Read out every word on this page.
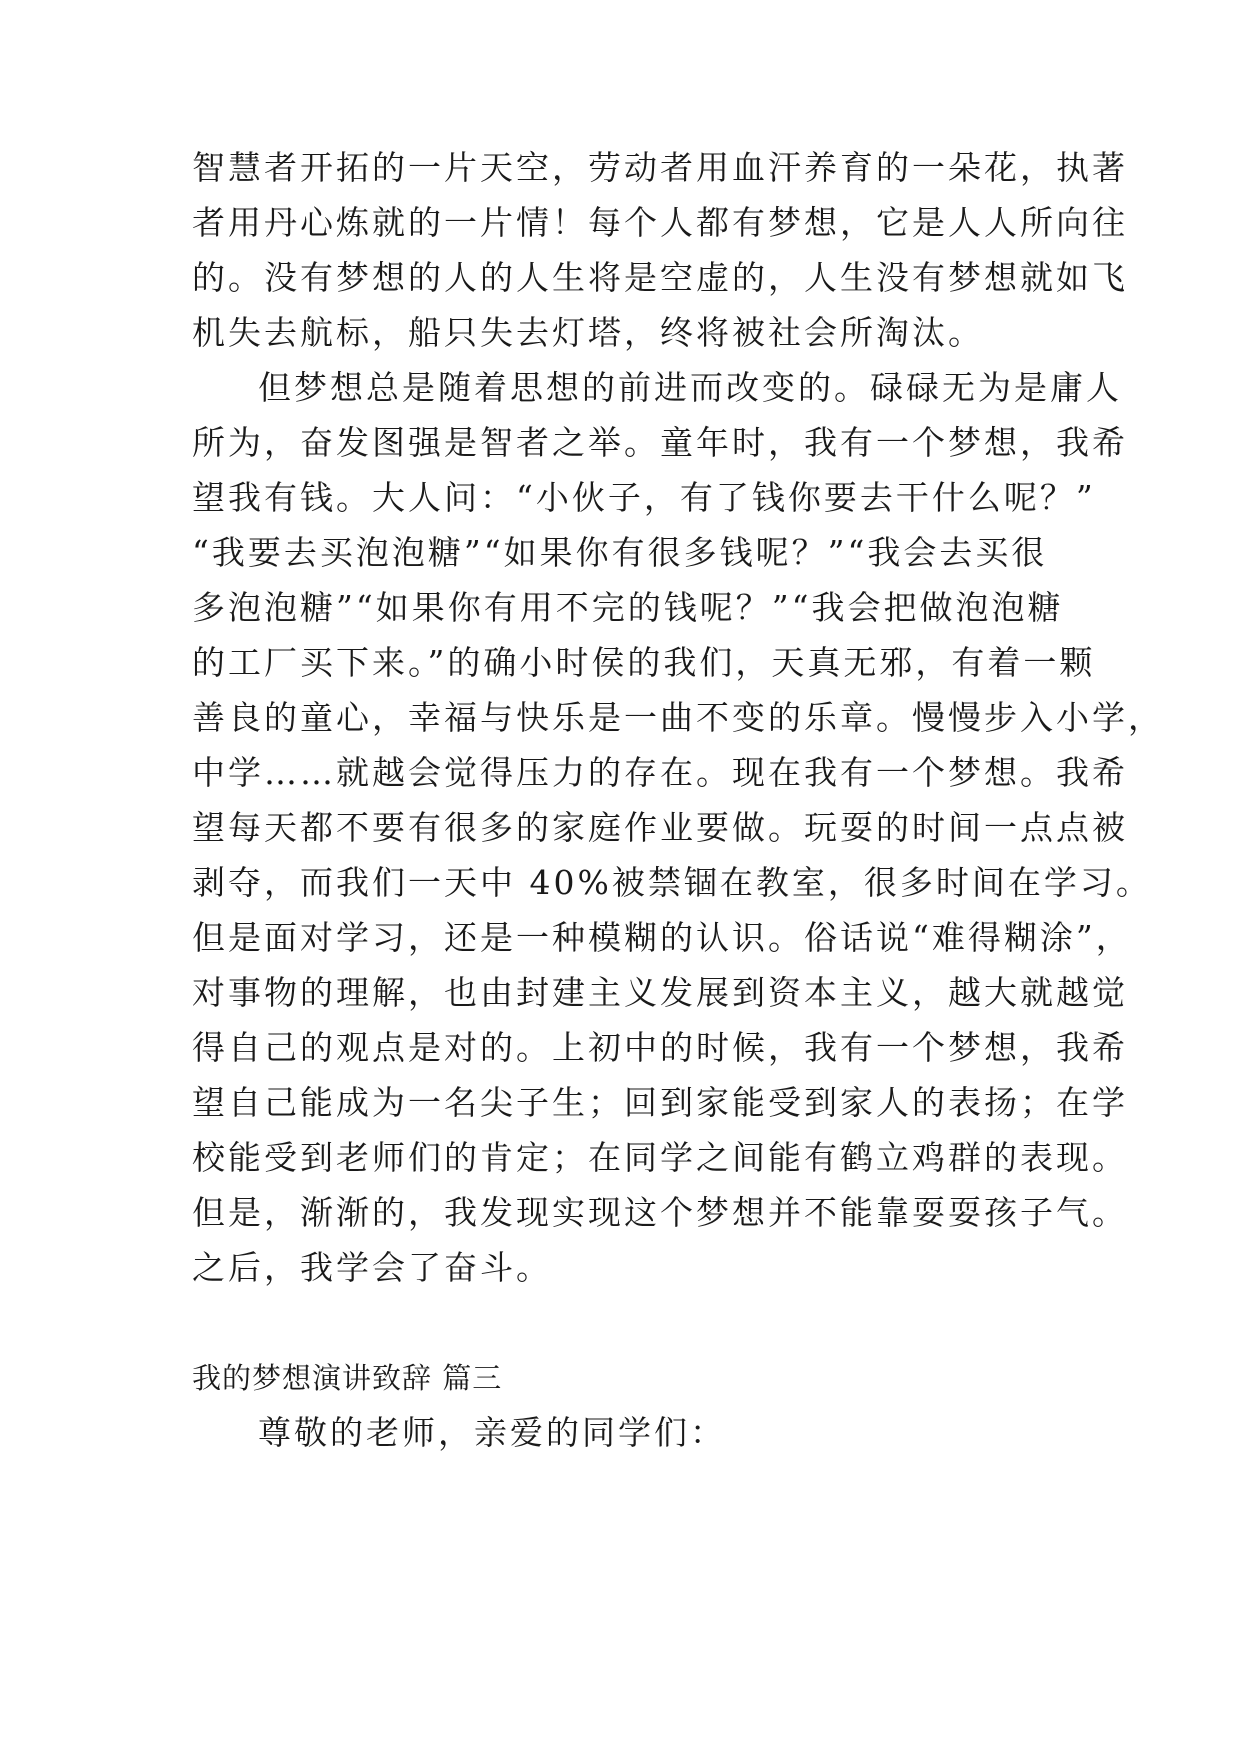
智慧者开拓的一片天空，劳动者用血汗养育的一朵花，执著
者用丹心炼就的一片情！每个人都有梦想，它是人人所向往
的。没有梦想的人的人生将是空虚的，人生没有梦想就如飞
机失去航标，船只失去灯塔，终将被社会所淘汰。
但梦想总是随着思想的前进而改变的。碌碌无为是庸人
所为，奋发图强是智者之举。童年时，我有一个梦想，我希
望我有钱。大人问：“小伙子，有了钱你要去干什么呢？”
“我要去买泡泡糖”“如果你有很多钱呢？”“我会去买很
多泡泡糖”“如果你有用不完的钱呢？”“我会把做泡泡糖
的工厂买下来。”的确小时侯的我们，天真无邪，有着一颗
善良的童心，幸福与快乐是一曲不变的乐章。慢慢步入小学，
中学……就越会觉得压力的存在。现在我有一个梦想。我希
望每天都不要有很多的家庭作业要做。玩耍的时间一点点被
剥夺，而我们一天中 40%被禁锢在教室，很多时间在学习。
但是面对学习，还是一种模糊的认识。俗话说“难得糊涂”，
对事物的理解，也由封建主义发展到资本主义，越大就越觉
得自己的观点是对的。上初中的时候，我有一个梦想，我希
望自己能成为一名尖子生；回到家能受到家人的表扬；在学
校能受到老师们的肯定；在同学之间能有鹤立鸡群的表现。
但是，渐渐的，我发现实现这个梦想并不能靠耍耍孩子气。
之后，我学会了奋斗。
我的梦想演讲致辞 篇三
尊敬的老师，亲爱的同学们：
